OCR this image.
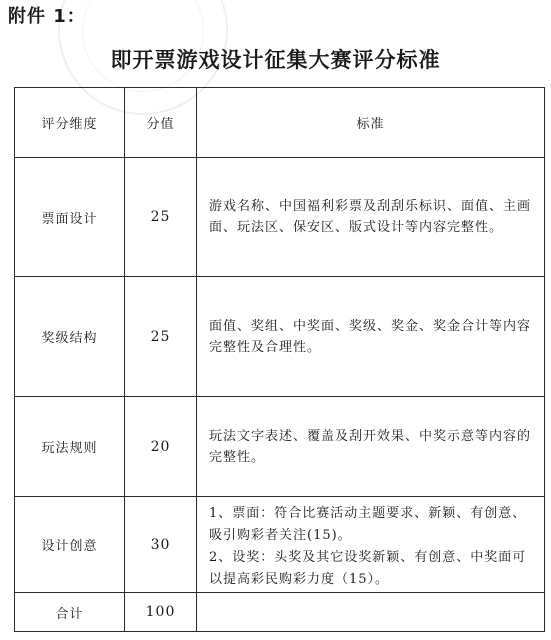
附件 1：
即开票游戏设计征集大赛评分标准
评分维度	分值	标准
票面设计	25	游戏名称、中国福利彩票及刮刮乐标识、面值、主画面、玩法区、保安区、版式设计等内容完整性。

奖级结构	25	面值、奖组、中奖面、奖级、奖金、奖金合计等内容完整性及合理性。

玩法规则	20	玩法文字表述、覆盖及刮开效果、中奖示意等内容的完整性。

设计创意	30	1、票面：符合比赛活动主题要求、新颖、有创意、吸引购彩者关注(15)。

2、设奖：头奖及其它设奖新颖、有创意、中奖面可以提高彩民购彩力度（15）。

合计	100	
